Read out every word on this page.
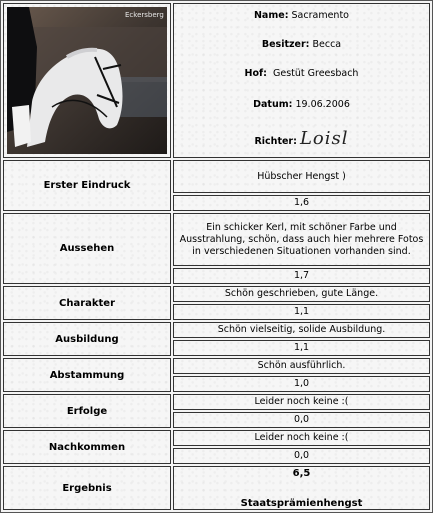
Eckersberg	Name: Sacramento
Besitzer: Becca
Hof: Gestüt Greesbach
Datum: 19.06.2006
Richter: Loisl
Erster Eindruck
Hübscher Hengst )
1,6
Aussehen
Ein schicker Kerl, mit schöner Farbe und Ausstrahlung, schön, dass auch hier mehrere Fotos in verschiedenen Situationen vorhanden sind.
1,7
Charakter
Schön geschrieben, gute Länge.
1,1
Ausbildung
Schön vielseitig, solide Ausbildung.
1,1
Abstammung
Schön ausführlich.
1,0
Erfolge
Leider noch keine :(
0,0
Nachkommen
Leider noch keine :(
0,0
Ergebnis
6,5
Staatsprämienhengst
